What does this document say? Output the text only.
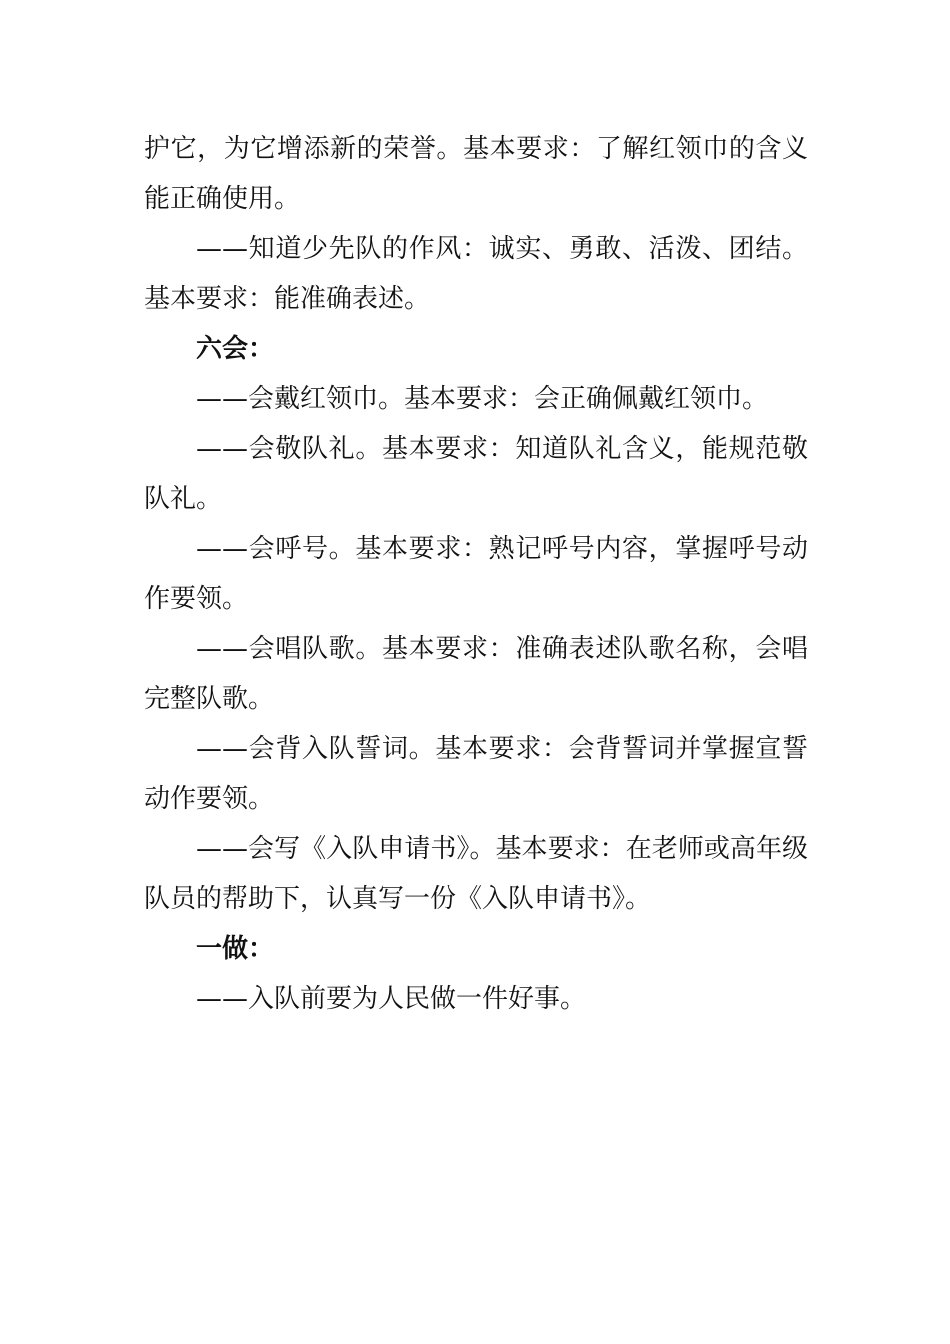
护它，为它增添新的荣誉。基本要求：了解红领巾的含义能正确使用。

——知道少先队的作风：诚实、勇敢、活泼、团结。基本要求：能准确表述。

六会：

——会戴红领巾。基本要求：会正确佩戴红领巾。

——会敬队礼。基本要求：知道队礼含义，能规范敬队礼。

——会呼号。基本要求：熟记呼号内容，掌握呼号动作要领。

——会唱队歌。基本要求：准确表述队歌名称，会唱完整队歌。

——会背入队誓词。基本要求：会背誓词并掌握宣誓动作要领。

——会写《入队申请书》。基本要求：在老师或高年级队员的帮助下，认真写一份《入队申请书》。

一做：

——入队前要为人民做一件好事。
